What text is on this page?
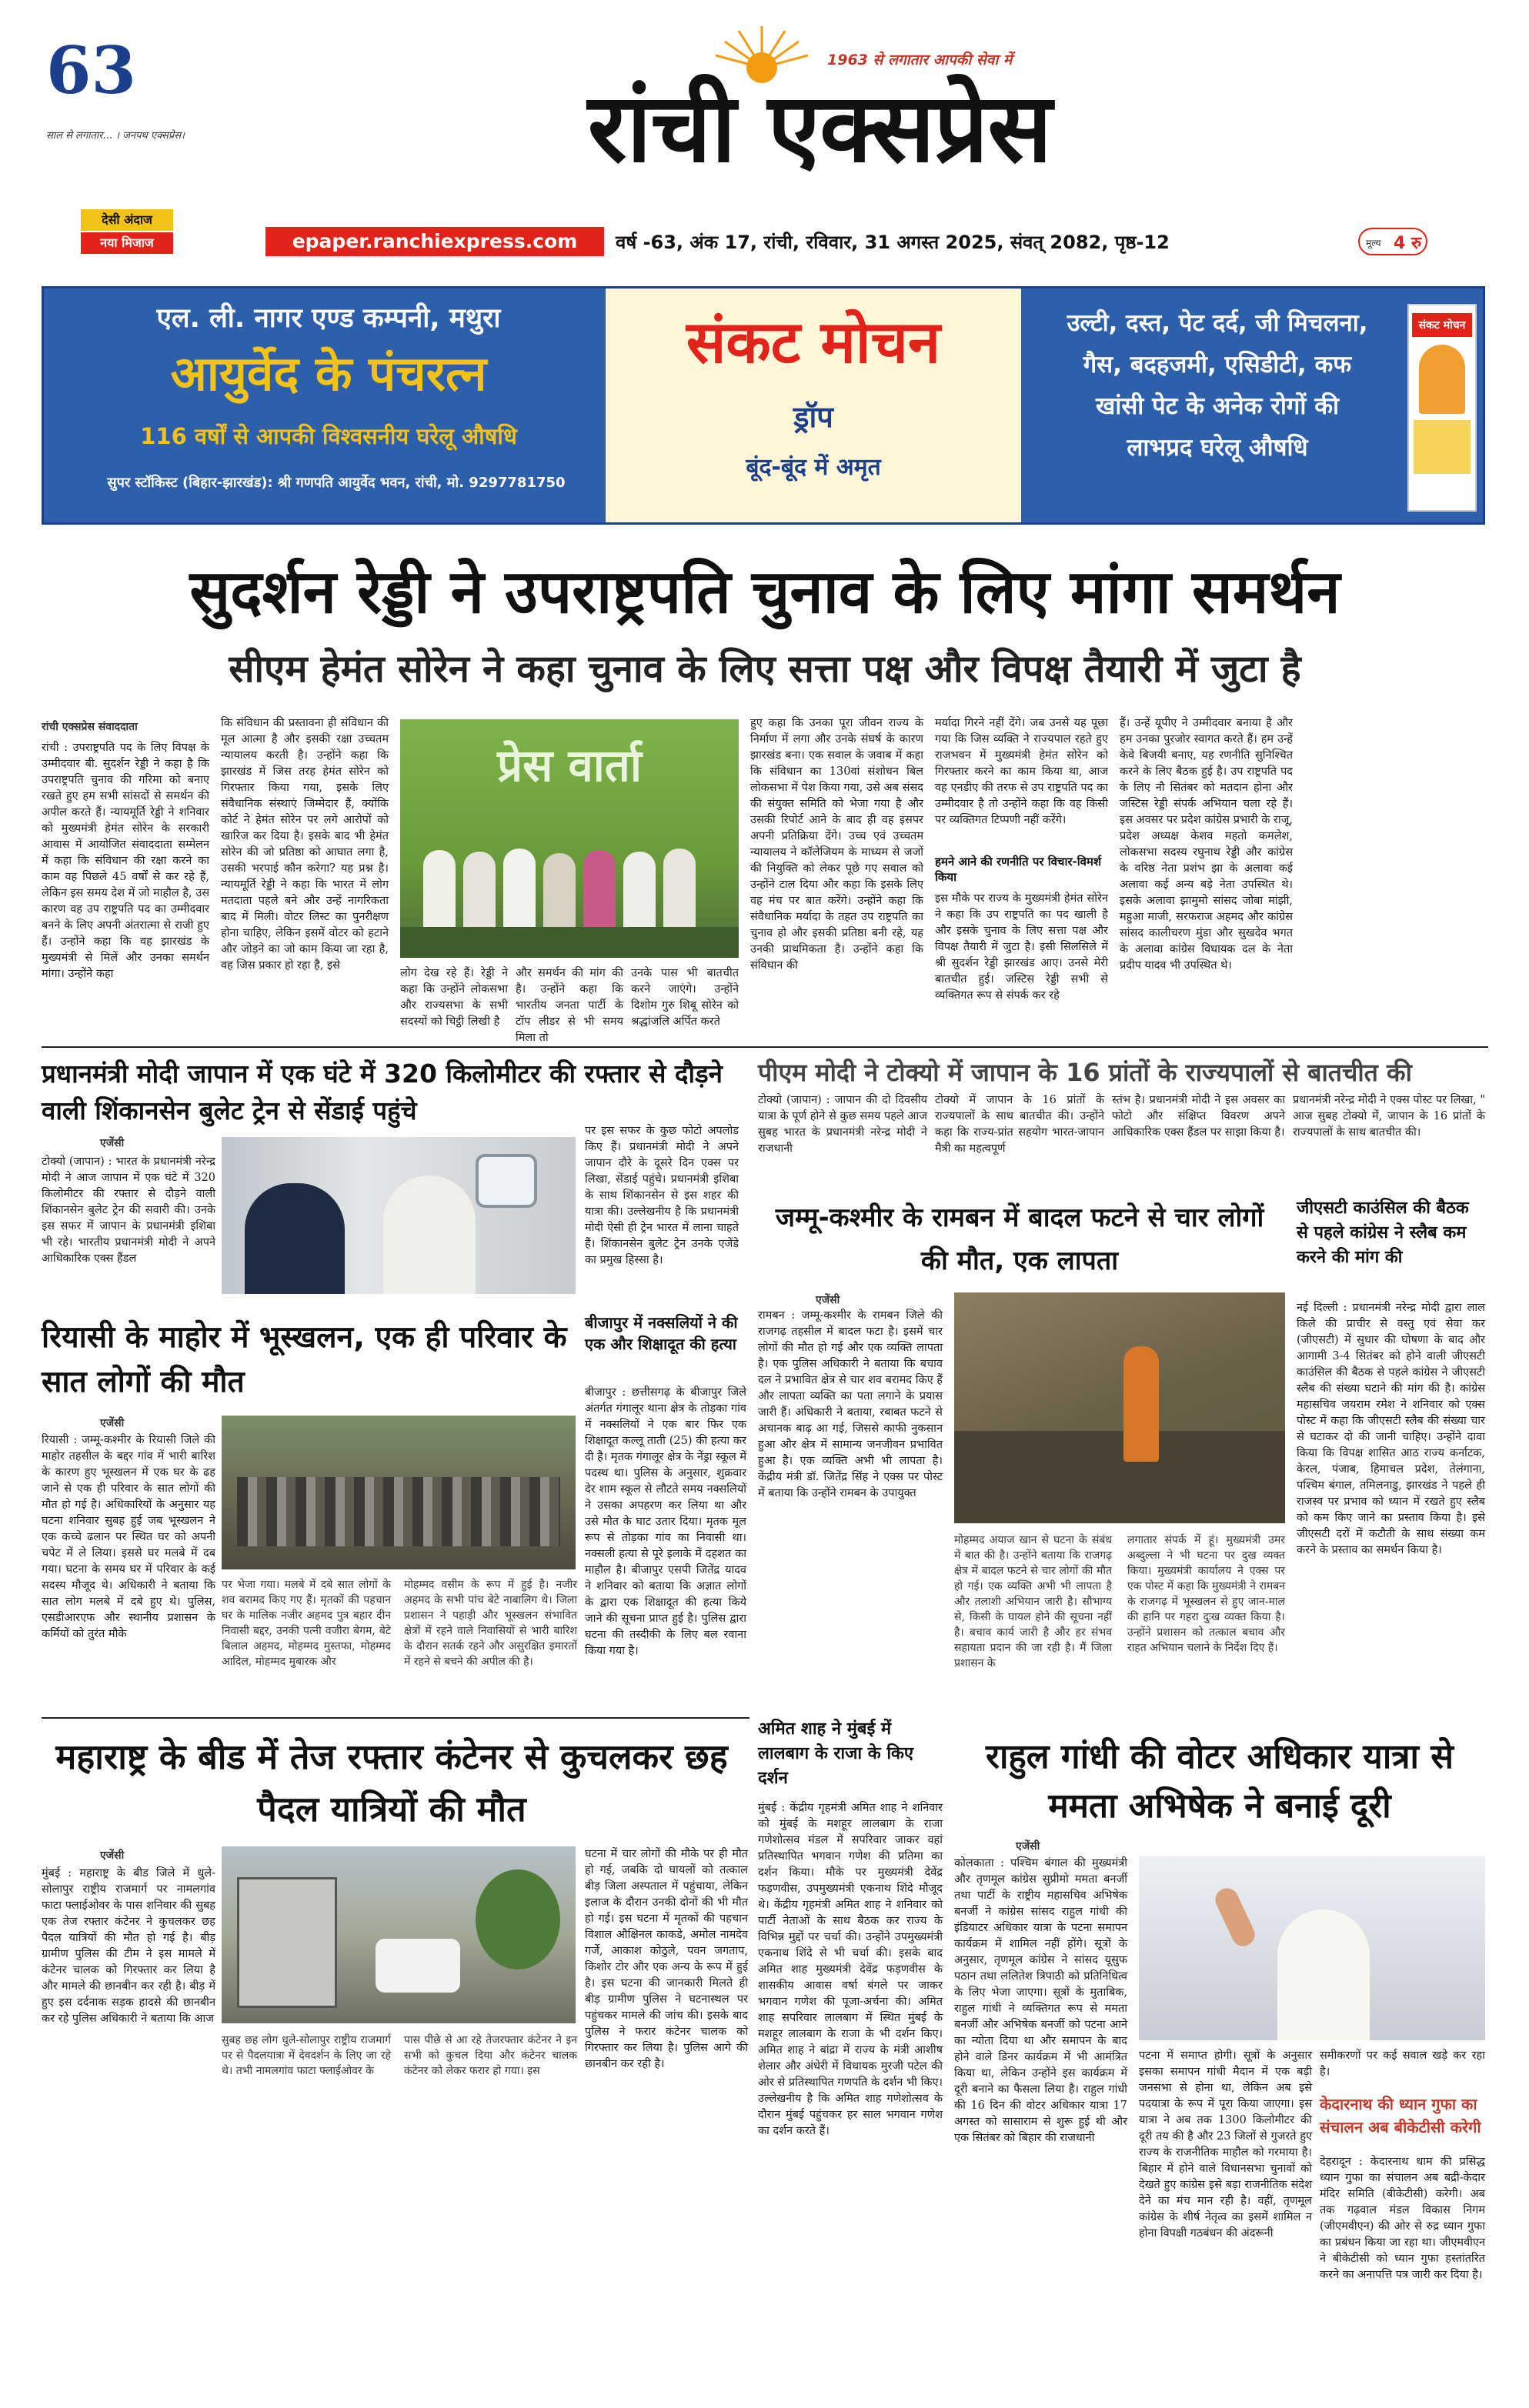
63
साल से लगातार... । जनपथ एक्सप्रेस।
देसी अंदाज
नया मिजाज
1963 से लगातार आपकी सेवा में
रांची एक्सप्रेस
epaper.ranchiexpress.com	वर्ष -63, अंक 17, रांची, रविवार, 31 अगस्त 2025, संवत् 2082, पृष्ठ-12	मूल्य 4 रु
एल. ली. नागर एण्ड कम्पनी, मथुरा
आयुर्वेद के पंचरत्न
116 वर्षों से आपकी विश्वसनीय घरेलू औषधि
सुपर स्टॉकिस्ट (बिहार-झारखंड): श्री गणपति आयुर्वेद भवन, रांची, मो. 9297781750
संकट मोचन
ड्रॉप
बूंद-बूंद में अमृत
उल्टी, दस्त, पेट दर्द, जी मिचलना,
गैस, बदहजमी, एसिडीटी, कफ
खांसी पेट के अनेक रोगों की
लाभप्रद घरेलू औषधि
संकट मोचन
सुदर्शन रेड्डी ने उपराष्ट्रपति चुनाव के लिए मांगा समर्थन
सीएम हेमंत सोरेन ने कहा चुनाव के लिए सत्ता पक्ष और विपक्ष तैयारी में जुटा है
रांची एक्सप्रेस संवाददाता
रांची : उपराष्ट्रपति पद के लिए विपक्ष के उम्मीदवार बी. सुदर्शन रेड्डी ने कहा है कि उपराष्ट्रपति चुनाव की गरिमा को बनाए रखते हुए हम सभी सांसदों से समर्थन की अपील करते हैं। न्यायमूर्ति रेड्डी ने शनिवार को मुख्यमंत्री हेमंत सोरेन के सरकारी आवास में आयोजित संवाददाता सम्मेलन में कहा कि संविधान की रक्षा करने का काम वह पिछले 45 वर्षों से कर रहे हैं, लेकिन इस समय देश में जो माहौल है, उस कारण वह उप राष्ट्रपति पद का उम्मीदवार बनने के लिए अपनी अंतरात्मा से राजी हुए हैं। उन्होंने कहा कि वह झारखंड के मुख्यमंत्री से मिलें और उनका समर्थन मांगा। उन्होंने कहा
कि संविधान की प्रस्तावना ही संविधान की मूल आत्मा है और इसकी रक्षा उच्चतम न्यायालय करती है। उन्होंने कहा कि झारखंड में जिस तरह हेमंत सोरेन को गिरफ्तार किया गया, इसके लिए संवैधानिक संस्थाएं जिम्मेदार हैं, क्योंकि कोर्ट ने हेमंत सोरेन पर लगे आरोपों को खारिज कर दिया है। इसके बाद भी हेमंत सोरेन की जो प्रतिष्ठा को आघात लगा है, उसकी भरपाई कौन करेगा? यह प्रश्न है। न्यायमूर्ति रेड्डी ने कहा कि भारत में लोग मतदाता पहले बने और उन्हें नागरिकता बाद में मिली। वोटर लिस्ट का पुनरीक्षण होना चाहिए, लेकिन इसमें वोटर को हटाने और जोड़ने का जो काम किया जा रहा है, वह जिस प्रकार हो रहा है, इसे
प्रेस वार्ता
लोग देख रहे हैं। रेड्डी ने कहा कि उन्होंने लोकसभा और राज्यसभा के सभी सदस्यों को चिट्ठी लिखी है
और समर्थन की मांग की है। उन्होंने कहा कि भारतीय जनता पार्टी के टॉप लीडर से भी समय मिला तो
उनके पास भी बातचीत करने जाएंगे। उन्होंने दिशोम गुरु शिबू सोरेन को श्रद्धांजलि अर्पित करते
हुए कहा कि उनका पूरा जीवन राज्य के निर्माण में लगा और उनके संघर्ष के कारण झारखंड बना। एक सवाल के जवाब में कहा कि संविधान का 130वां संशोधन बिल लोकसभा में पेश किया गया, उसे अब संसद की संयुक्त समिति को भेजा गया है और उसकी रिपोर्ट आने के बाद ही वह इसपर अपनी प्रतिक्रिया देंगे। उच्च एवं उच्चतम न्यायालय ने कॉलेजियम के माध्यम से जजों की नियुक्ति को लेकर पूछे गए सवाल को उन्होंने टाल दिया और कहा कि इसके लिए वह मंच पर बात करेंगे। उन्होंने कहा कि संवैधानिक मर्यादा के तहत उप राष्ट्रपति का चुनाव हो और इसकी प्रतिष्ठा बनी रहे, यह उनकी प्राथमिकता है। उन्होंने कहा कि संविधान की
मर्यादा गिरने नहीं देंगे। जब उनसे यह पूछा गया कि जिस व्यक्ति ने राज्यपाल रहते हुए राजभवन में मुख्यमंत्री हेमंत सोरेन को गिरफ्तार करने का काम किया था, आज वह एनडीए की तरफ से उप राष्ट्रपति पद का उम्मीदवार है तो उन्होंने कहा कि वह किसी पर व्यक्तिगत टिप्पणी नहीं करेंगे।
हमने आने की रणनीति पर विचार-विमर्श किया
इस मौके पर राज्य के मुख्यमंत्री हेमंत सोरेन ने कहा कि उप राष्ट्रपति का पद खाली है और इसके चुनाव के लिए सत्ता पक्ष और विपक्ष तैयारी में जुटा है। इसी सिलसिले में श्री सुदर्शन रेड्डी झारखंड आए। उनसे मेरी बातचीत हुई। जस्टिस रेड्डी सभी से व्यक्तिगत रूप से संपर्क कर रहे
हैं। उन्हें यूपीए ने उम्मीदवार बनाया है और हम उनका पुरजोर स्वागत करते हैं। हम उन्हें केवे बिजयी बनाए, यह रणनीति सुनिश्चित करने के लिए बैठक हुई है। उप राष्ट्रपति पद के लिए नौ सितंबर को मतदान होना और जस्टिस रेड्डी संपर्क अभियान चला रहे हैं। इस अवसर पर प्रदेश कांग्रेस प्रभारी के राजू, प्रदेश अध्यक्ष केशव महतो कमलेश, लोकसभा सदस्य रघुनाथ रेड्डी और कांग्रेस के वरिष्ठ नेता प्रशंभ झा के अलावा कई अलावा कई अन्य बड़े नेता उपस्थित थे। इसके अलावा झामुमो सांसद जोबा मांझी, महुआ माजी, सरफराज अहमद और कांग्रेस सांसद कालीचरण मुंडा और सुखदेव भगत के अलावा कांग्रेस विधायक दल के नेता प्रदीप यादव भी उपस्थित थे।
प्रधानमंत्री मोदी जापान में एक घंटे में 320 किलोमीटर की रफ्तार से दौड़ने वाली शिंकानसेन बुलेट ट्रेन से सेंडाई पहुंचे
एजेंसी
टोक्यो (जापान) : भारत के प्रधानमंत्री नरेन्द्र मोदी ने आज जापान में एक घंटे में 320 किलोमीटर की रफ्तार से दौड़ने वाली शिंकानसेन बुलेट ट्रेन की सवारी की। उनके इस सफर में जापान के प्रधानमंत्री इशिबा भी रहे। भारतीय प्रधानमंत्री मोदी ने अपने आधिकारिक एक्स हैंडल
पर इस सफर के कुछ फोटो अपलोड किए हैं। प्रधानमंत्री मोदी ने अपने जापान दौरे के दूसरे दिन एक्स पर लिखा, सेंडाई पहुंचे। प्रधानमंत्री इशिबा के साथ शिंकानसेन से इस शहर की यात्रा की। उल्लेखनीय है कि प्रधानमंत्री मोदी ऐसी ही ट्रेन भारत में लाना चाहते हैं। शिंकानसेन बुलेट ट्रेन उनके एजेंडे का प्रमुख हिस्सा है।
पीएम मोदी ने टोक्यो में जापान के 16 प्रांतों के राज्यपालों से बातचीत की
टोक्यो (जापान) : जापान की दो दिवसीय यात्रा के पूर्ण होने से कुछ समय पहले आज सुबह भारत के प्रधानमंत्री नरेन्द्र मोदी ने राजधानी
टोक्यो में जापान के 16 प्रांतों के राज्यपालों के साथ बातचीत की। उन्होंने कहा कि राज्य-प्रांत सहयोग भारत-जापान मैत्री का महत्वपूर्ण
स्तंभ है। प्रधानमंत्री मोदी ने इस अवसर का फोटो और संक्षिप्त विवरण अपने आधिकारिक एक्स हैंडल पर साझा किया है।
प्रधानमंत्री नरेन्द्र मोदी ने एक्स पोस्ट पर लिखा, " आज सुबह टोक्यो में, जापान के 16 प्रांतों के राज्यपालों के साथ बातचीत की।
जम्मू-कश्मीर के रामबन में बादल फटने से चार लोगों की मौत, एक लापता
एजेंसी
रामबन : जम्मू-कश्मीर के रामबन जिले की राजगढ़ तहसील में बादल फटा है। इसमें चार लोगों की मौत हो गई और एक व्यक्ति लापता है। एक पुलिस अधिकारी ने बताया कि बचाव दल ने प्रभावित क्षेत्र से चार शव बरामद किए हैं और लापता व्यक्ति का पता लगाने के प्रयास जारी हैं। अधिकारी ने बताया, रबाबत फटने से अचानक बाढ़ आ गई, जिससे काफी नुकसान हुआ और क्षेत्र में सामान्य जनजीवन प्रभावित हुआ है। एक व्यक्ति अभी भी लापता है। केंद्रीय मंत्री डॉ. जितेंद्र सिंह ने एक्स पर पोस्ट में बताया कि उन्होंने रामबन के उपायुक्त
मोहम्मद अयाज खान से घटना के संबंध में बात की है। उन्होंने बताया कि राजगढ़ क्षेत्र में बादल फटने से चार लोगों की मौत हो गई। एक व्यक्ति अभी भी लापता है और तलाशी अभियान जारी है। सौभाग्य से, किसी के घायल होने की सूचना नहीं है। बचाव कार्य जारी है और हर संभव सहायता प्रदान की जा रही है। मैं जिला प्रशासन के
लगातार संपर्क में हूं। मुख्यमंत्री उमर अब्दुल्ला ने भी घटना पर दुख व्यक्त किया। मुख्यमंत्री कार्यालय ने एक्स पर एक पोस्ट में कहा कि मुख्यमंत्री ने रामबन के राजगढ़ में भूस्खलन से हुए जान-माल की हानि पर गहरा दुःख व्यक्त किया है। उन्होंने प्रशासन को तत्काल बचाव और राहत अभियान चलाने के निर्देश दिए हैं।
जीएसटी काउंसिल की बैठक से पहले कांग्रेस ने स्लैब कम करने की मांग की
नई दिल्ली : प्रधानमंत्री नरेन्द्र मोदी द्वारा लाल किले की प्राचीर से वस्तु एवं सेवा कर (जीएसटी) में सुधार की घोषणा के बाद और आगामी 3-4 सितंबर को होने वाली जीएसटी काउंसिल की बैठक से पहले कांग्रेस ने जीएसटी स्लैब की संख्या घटाने की मांग की है। कांग्रेस महासचिव जयराम रमेश ने शनिवार को एक्स पोस्ट में कहा कि जीएसटी स्लैब की संख्या चार से घटाकर दो की जानी चाहिए। उन्होंने दावा किया कि विपक्ष शासित आठ राज्य कर्नाटक, केरल, पंजाब, हिमाचल प्रदेश, तेलंगाना, पश्चिम बंगाल, तमिलनाडु, झारखंड ने पहले ही राजस्व पर प्रभाव को ध्यान में रखते हुए स्लैब को कम किए जाने का प्रस्ताव किया है। इसे जीएसटी दरों में कटौती के साथ संख्या कम करने के प्रस्ताव का समर्थन किया है।
रियासी के माहोर में भूस्खलन, एक ही परिवार के सात लोगों की मौत
एजेंसी
रियासी : जम्मू-कश्मीर के रियासी जिले की माहोर तहसील के बद्दर गांव में भारी बारिश के कारण हुए भूस्खलन में एक घर के ढह जाने से एक ही परिवार के सात लोगों की मौत हो गई है। अधिकारियों के अनुसार यह घटना शनिवार सुबह हुई जब भूस्खलन ने एक कच्चे ढलान पर स्थित घर को अपनी चपेट में ले लिया। इससे घर मलबे में दब गया। घटना के समय घर में परिवार के कई सदस्य मौजूद थे। अधिकारी ने बताया कि सात लोग मलबे में दबे हुए थे। पुलिस, एसडीआरएफ और स्थानीय प्रशासन के कर्मियों को तुरंत मौके
पर भेजा गया। मलबे में दबे सात लोगों के शव बरामद किए गए हैं। मृतकों की पहचान घर के मालिक नजीर अहमद पुत्र बहार दीन निवासी बद्दर, उनकी पत्नी वजीरा बेगम, बेटे बिलाल अहमद, मोहम्मद मुस्तफा, मोहम्मद आदिल, मोहम्मद मुबारक और
मोहम्मद वसीम के रूप में हुई है। नजीर अहमद के सभी पांच बेटे नाबालिग थे। जिला प्रशासन ने पहाड़ी और भूस्खलन संभावित क्षेत्रों में रहने वाले निवासियों से भारी बारिश के दौरान सतर्क रहने और असुरक्षित इमारतों में रहने से बचने की अपील की है।
बीजापुर में नक्सलियों ने की एक और शिक्षादूत की हत्या
बीजापुर : छत्तीसगढ़ के बीजापुर जिले अंतर्गत गंगालूर थाना क्षेत्र के तोड़का गांव में नक्सलियों ने एक बार फिर एक शिक्षादूत कल्लू ताती (25) की हत्या कर दी है। मृतक गंगालूर क्षेत्र के नेंड्रा स्कूल में पदस्थ था। पुलिस के अनुसार, शुक्रवार देर शाम स्कूल से लौटते समय नक्सलियों ने उसका अपहरण कर लिया था और उसे मौत के घाट उतार दिया। मृतक मूल रूप से तोड़का गांव का निवासी था। नक्सली हत्या से पूरे इलाके में दहशत का माहौल है। बीजापुर एसपी जितेंद्र यादव ने शनिवार को बताया कि अज्ञात लोगों के द्वारा एक शिक्षादूत की हत्या किये जाने की सूचना प्राप्त हुई है। पुलिस द्वारा घटना की तस्दीकी के लिए बल रवाना किया गया है।
अमित शाह ने मुंबई में लालबाग के राजा के किए दर्शन
मुंबई : केंद्रीय गृहमंत्री अमित शाह ने शनिवार को मुंबई के मशहूर लालबाग के राजा गणेशोत्सव मंडल में सपरिवार जाकर वहां प्रतिस्थापित भगवान गणेश की प्रतिमा का दर्शन किया। मौके पर मुख्यमंत्री देवेंद्र फड़णवीस, उपमुख्यमंत्री एकनाथ शिंदे मौजूद थे। केंद्रीय गृहमंत्री अमित शाह ने शनिवार को पार्टी नेताओं के साथ बैठक कर राज्य के विभिन्न मुद्दों पर चर्चा की। उन्होंने उपमुख्यमंत्री एकनाथ शिंदे से भी चर्चा की। इसके बाद अमित शाह मुख्यमंत्री देवेंद्र फड़णवीस के शासकीय आवास वर्षा बंगले पर जाकर भगवान गणेश की पूजा-अर्चना की। अमित शाह सपरिवार लालबाग में स्थित मुंबई के मशहूर लालबाग के राजा के भी दर्शन किए। अमित शाह ने बांद्रा में राज्य के मंत्री आशीष शेलार और अंधेरी में विधायक मुरजी पटेल की ओर से प्रतिस्थापित गणपति के दर्शन भी किए। उल्लेखनीय है कि अमित शाह गणेशोत्सव के दौरान मुंबई पहुंचकर हर साल भगवान गणेश का दर्शन करते हैं।
राहुल गांधी की वोटर अधिकार यात्रा से ममता अभिषेक ने बनाई दूरी
एजेंसी
कोलकाता : पश्चिम बंगाल की मुख्यमंत्री और तृणमूल कांग्रेस सुप्रीमो ममता बनर्जी तथा पार्टी के राष्ट्रीय महासचिव अभिषेक बनर्जी ने कांग्रेस सांसद राहुल गांधी की इंडियाटर अधिकार यात्रा के पटना समापन कार्यक्रम में शामिल नहीं होंगे। सूत्रों के अनुसार, तृणमूल कांग्रेस ने सांसद यूसुफ पठान तथा ललितेश त्रिपाठी को प्रतिनिधित्व के लिए भेजा जाएगा। सूत्रों के मुताबिक, राहुल गांधी ने व्यक्तिगत रूप से ममता बनर्जी और अभिषेक बनर्जी को पटना आने का न्योता दिया था और समापन के बाद होने वाले डिनर कार्यक्रम में भी आमंत्रित किया था, लेकिन उन्होंने इस कार्यक्रम में दूरी बनाने का फैसला लिया है। राहुल गांधी की 16 दिन की वोटर अधिकार यात्रा 17 अगस्त को सासाराम से शुरू हुई थी और एक सितंबर को बिहार की राजधानी
पटना में समाप्त होगी। सूत्रों के अनुसार इसका समापन गांधी मैदान में एक बड़ी जनसभा से होना था, लेकिन अब इसे पदयात्रा के रूप में पूरा किया जाएगा। इस यात्रा ने अब तक 1300 किलोमीटर की दूरी तय की है और 23 जिलों से गुजरते हुए राज्य के राजनीतिक माहौल को गरमाया है। बिहार में होने वाले विधानसभा चुनावों को देखते हुए कांग्रेस इसे बड़ा राजनीतिक संदेश देने का मंच मान रही है। वहीं, तृणमूल कांग्रेस के शीर्ष नेतृत्व का इसमें शामिल न होना विपक्षी गठबंधन की अंदरूनी
समीकरणों पर कई सवाल खड़े कर रहा है।
केदारनाथ की ध्यान गुफा का संचालन अब बीकेटीसी करेगी
देहरादून : केदारनाथ धाम की प्रसिद्ध ध्यान गुफा का संचालन अब बद्री-केदार मंदिर समिति (बीकेटीसी) करेगी। अब तक गढ़वाल मंडल विकास निगम (जीएमवीएन) की ओर से रुद्र ध्यान गुफा का प्रबंधन किया जा रहा था। जीएमवीएन ने बीकेटीसी को ध्यान गुफा हस्तांतरित करने का अनापत्ति पत्र जारी कर दिया है।
महाराष्ट्र के बीड में तेज रफ्तार कंटेनर से कुचलकर छह पैदल यात्रियों की मौत
एजेंसी
मुंबई : महाराष्ट्र के बीड जिले में धुले-सोलापुर राष्ट्रीय राजमार्ग पर नामलगांव फाटा फ्लाईओवर के पास शनिवार की सुबह एक तेज रफ्तार कंटेनर ने कुचलकर छह पैदल यात्रियों की मौत हो गई है। बीड़ ग्रामीण पुलिस की टीम ने इस मामले में कंटेनर चालक को गिरफ्तार कर लिया है और मामले की छानबीन कर रही है। बीड़ में हुए इस दर्दनाक सड़क हादसे की छानबीन कर रहे पुलिस अधिकारी ने बताया कि आज
सुबह छह लोग धुले-सोलापुर राष्ट्रीय राजमार्ग पर से पैदलयात्रा में देवदर्शन के लिए जा रहे थे। तभी नामलगांव फाटा फ्लाईओवर के
पास पीछे से आ रहे तेजरफ्तार कंटेनर ने इन सभी को कुचल दिया और कंटेनर चालक कंटेनर को लेकर फरार हो गया। इस
घटना में चार लोगों की मौके पर ही मौत हो गई, जबकि दो घायलों को तत्काल बीड़ जिला अस्पताल में पहुंचाया, लेकिन इलाज के दौरान उनकी दोनों की भी मौत हो गई। इस घटना में मृतकों की पहचान विशाल औक्षिनल काकडे, अमोल नामदेव गर्जे, आकाश कोठुले, पवन जगताप, किशोर टोर और एक अन्य के रूप में हुई है। इस घटना की जानकारी मिलते ही बीड़ ग्रामीण पुलिस ने घटनास्थल पर पहुंचकर मामले की जांच की। इसके बाद पुलिस ने फरार कंटेनर चालक को गिरफ्तार कर लिया है। पुलिस आगे की छानबीन कर रही है।
